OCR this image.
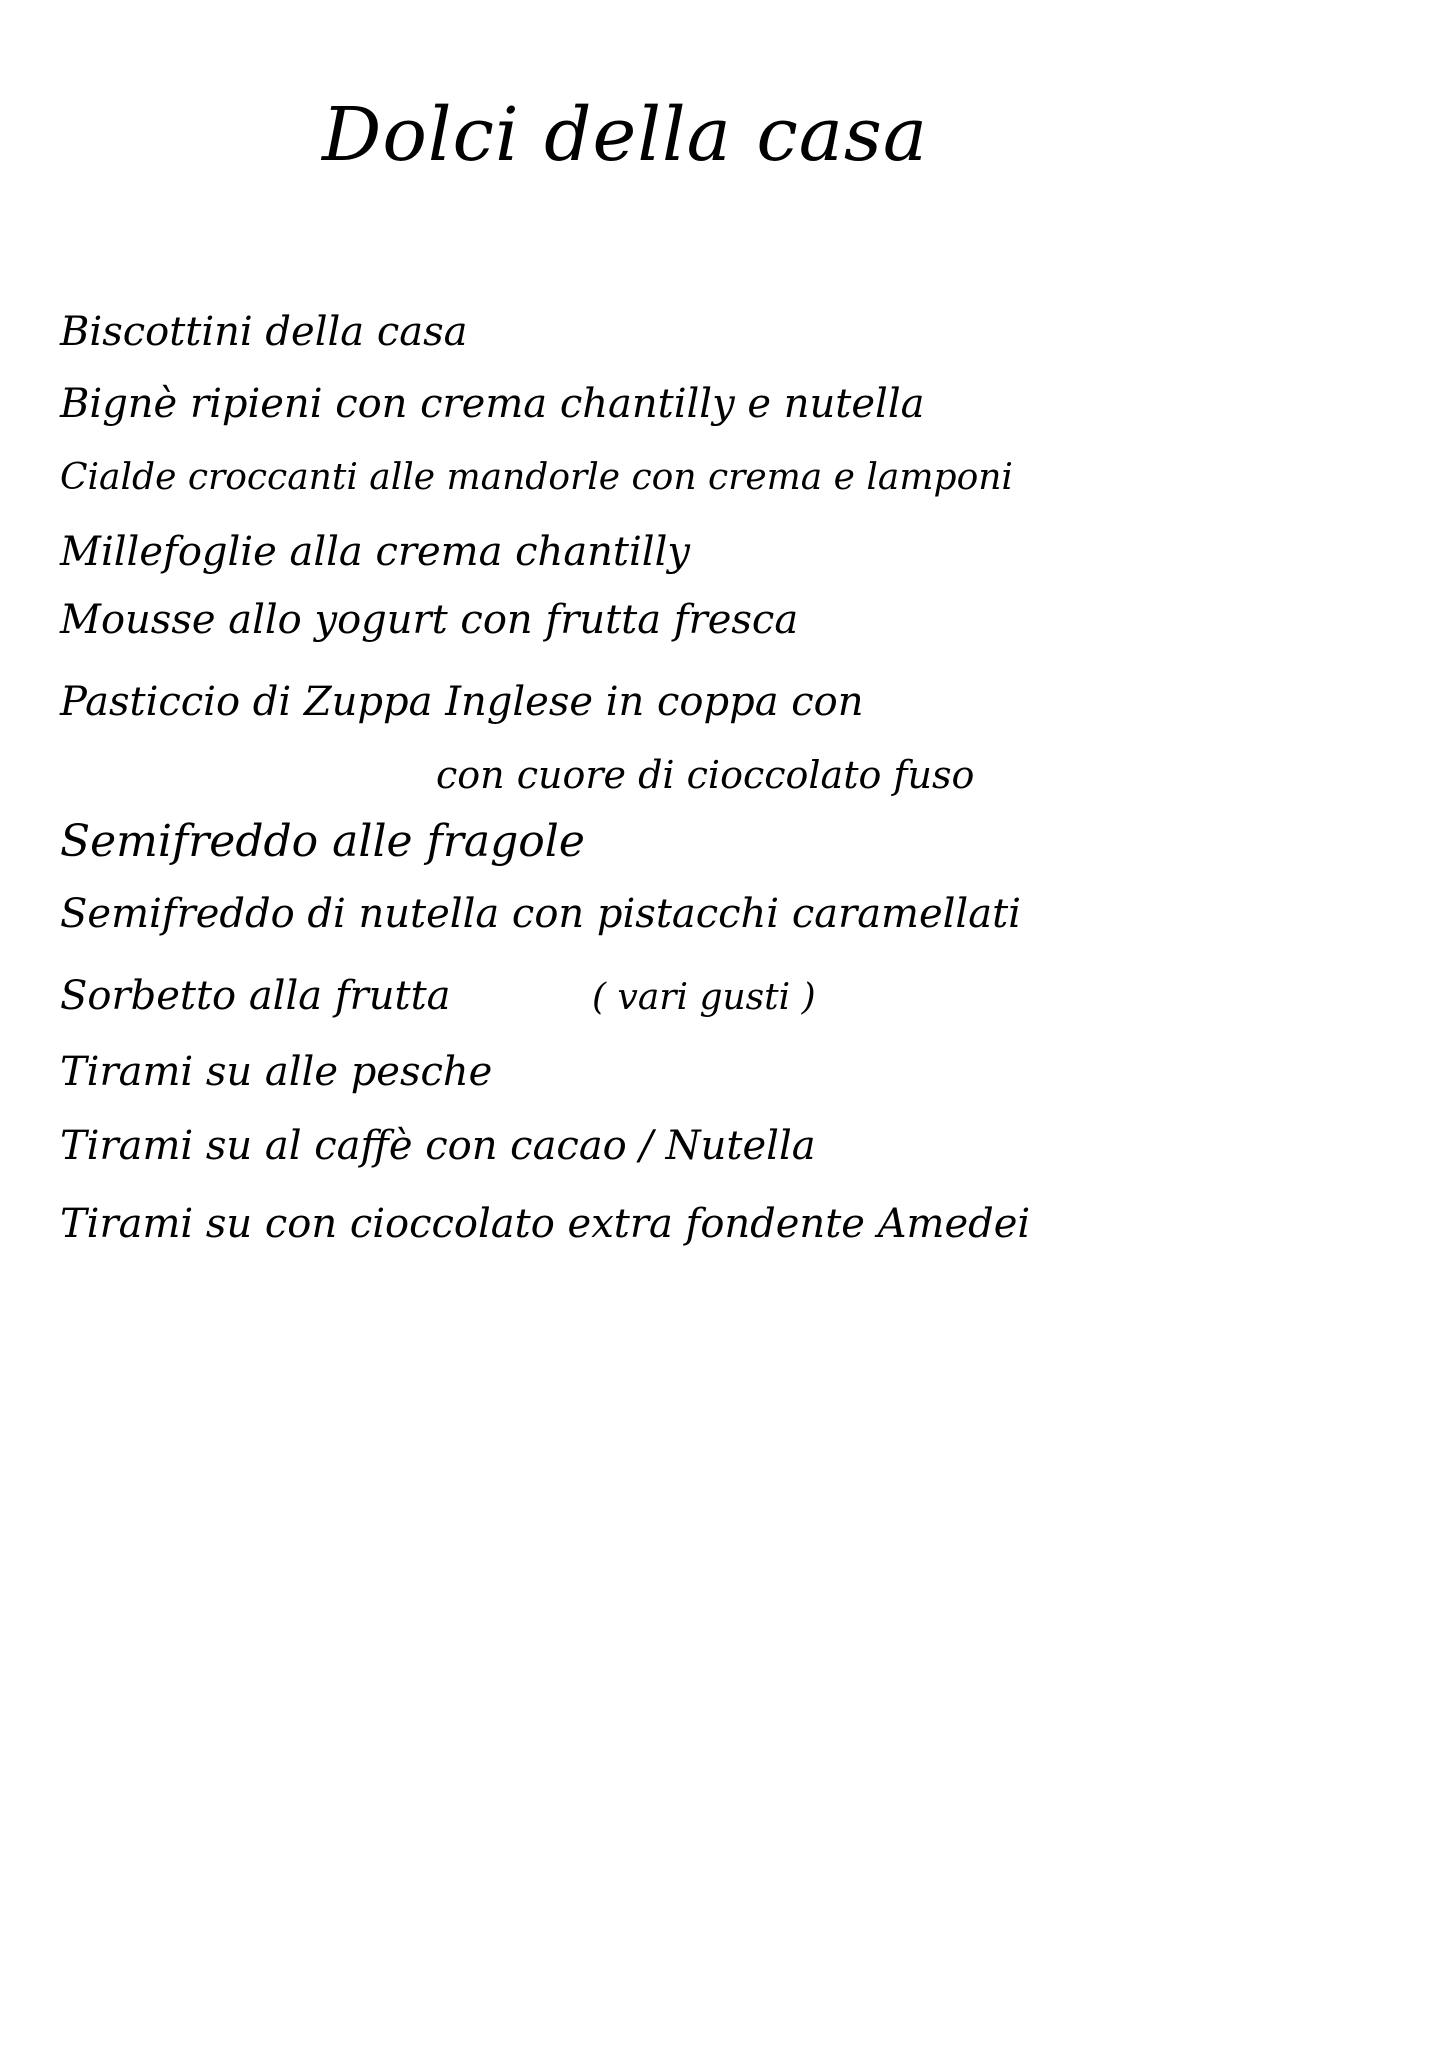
Dolci della casa
Biscottini della casa
Bignè ripieni con crema chantilly e nutella
Cialde croccanti alle mandorle con crema e lamponi
Millefoglie alla crema chantilly
Mousse allo yogurt con frutta fresca
Pasticcio di Zuppa Inglese in coppa con
con cuore di cioccolato fuso
Semifreddo alle fragole
Semifreddo di nutella con pistacchi caramellati
Sorbetto alla frutta	( vari gusti )
Tirami su alle pesche
Tirami su al caffè con cacao / Nutella
Tirami su con cioccolato extra fondente Amedei
